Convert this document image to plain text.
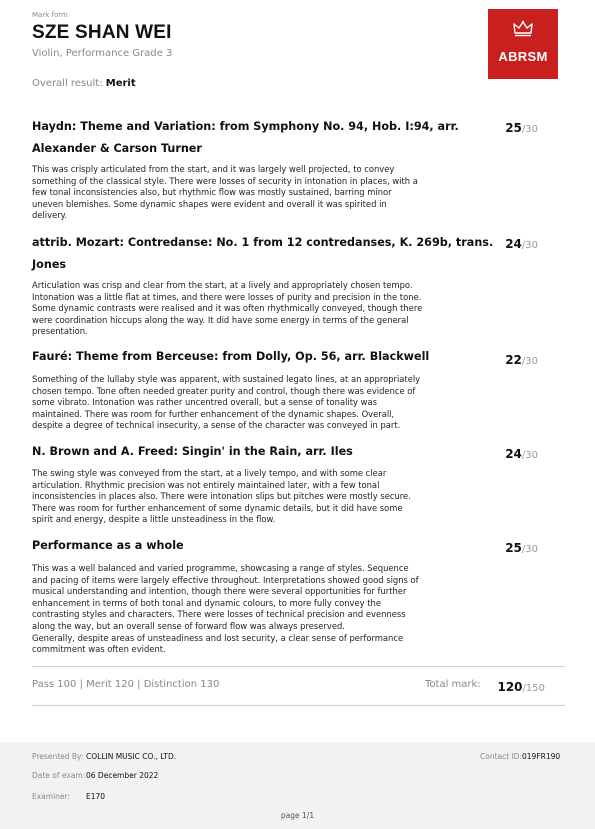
Mark form
SZE SHAN WEI
Violin, Performance Grade 3
Overall result: Merit
ABRSM
Haydn: Theme and Variation: from Symphony No. 94, Hob. I:94, arr.
Alexander & Carson Turner
25/30
This was crisply articulated from the start, and it was largely well projected, to convey
something of the classical style. There were losses of security in intonation in places, with a
few tonal inconsistencies also, but rhythmic flow was mostly sustained, barring minor
uneven blemishes. Some dynamic shapes were evident and overall it was spirited in
delivery.
attrib. Mozart: Contredanse: No. 1 from 12 contredanses, K. 269b, trans.
Jones
24/30
Articulation was crisp and clear from the start, at a lively and appropriately chosen tempo.
Intonation was a little flat at times, and there were losses of purity and precision in the tone.
Some dynamic contrasts were realised and it was often rhythmically conveyed, though there
were coordination hiccups along the way. It did have some energy in terms of the general
presentation.
Fauré: Theme from Berceuse: from Dolly, Op. 56, arr. Blackwell	22/30
Something of the lullaby style was apparent, with sustained legato lines, at an appropriately
chosen tempo. Tone often needed greater purity and control, though there was evidence of
some vibrato. Intonation was rather uncentred overall, but a sense of tonality was
maintained. There was room for further enhancement of the dynamic shapes. Overall,
despite a degree of technical insecurity, a sense of the character was conveyed in part.
N. Brown and A. Freed: Singin' in the Rain, arr. Iles	24/30
The swing style was conveyed from the start, at a lively tempo, and with some clear
articulation. Rhythmic precision was not entirely maintained later, with a few tonal
inconsistencies in places also. There were intonation slips but pitches were mostly secure.
There was room for further enhancement of some dynamic details, but it did have some
spirit and energy, despite a little unsteadiness in the flow.
Performance as a whole	25/30
This was a well balanced and varied programme, showcasing a range of styles. Sequence
and pacing of items were largely effective throughout. Interpretations showed good signs of
musical understanding and intention, though there were several opportunities for further
enhancement in terms of both tonal and dynamic colours, to more fully convey the
contrasting styles and characters. There were losses of technical precision and evenness
along the way, but an overall sense of forward flow was always preserved.
Generally, despite areas of unsteadiness and lost security, a clear sense of performance
commitment was often evident.
Pass 100 | Merit 120 | Distinction 130	Total mark:	120/150
Presented By: COLLIN MUSIC CO., LTD.	Contact ID: 019FR190
Date of exam: 06 December 2022
Examiner: E170
page 1/1
